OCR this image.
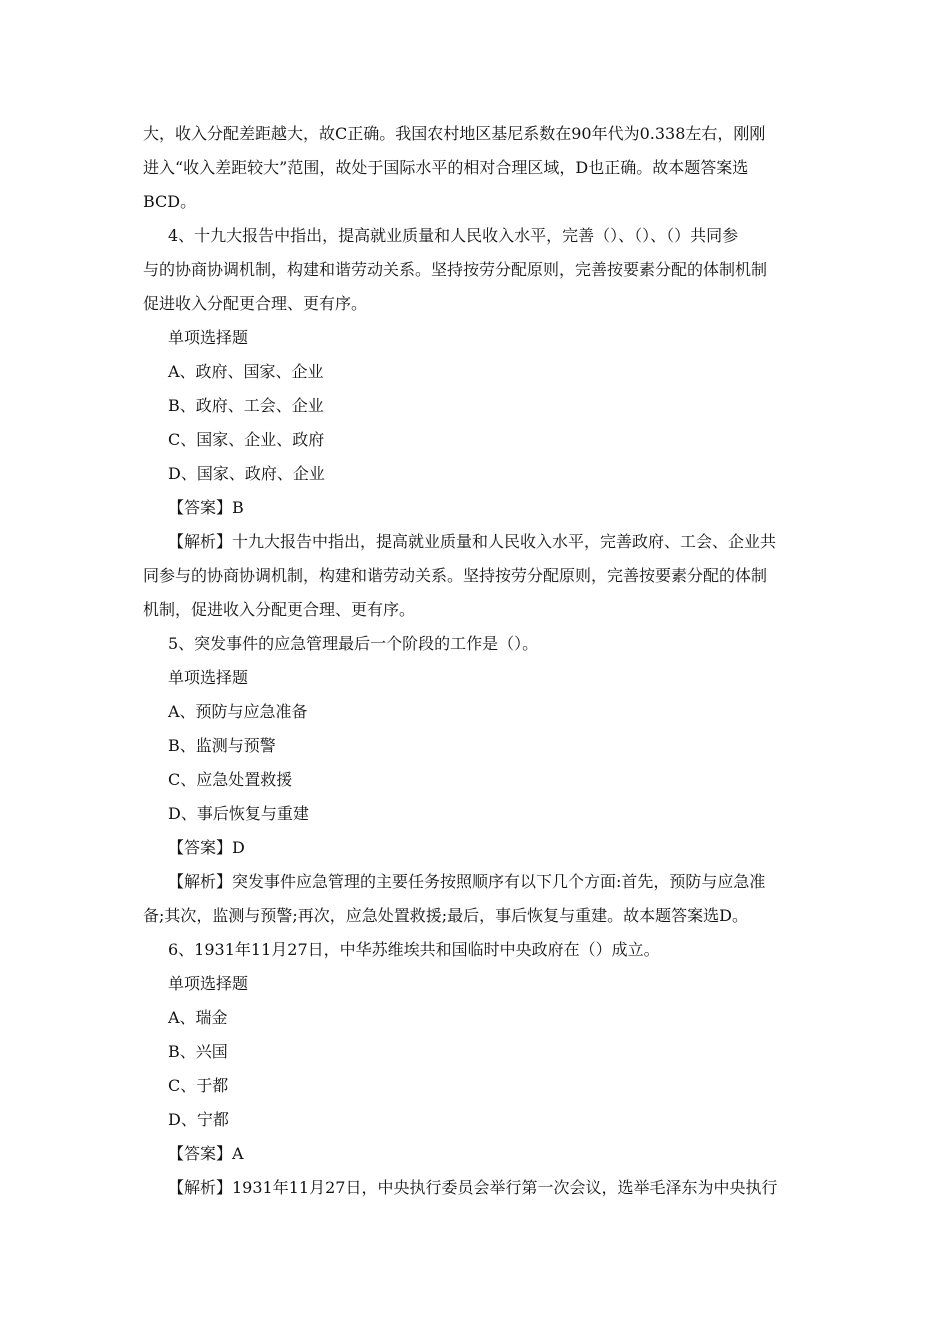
大，收入分配差距越大，故C正确。我国农村地区基尼系数在90年代为0.338左右，刚刚

进入“收入差距较大”范围，故处于国际水平的相对合理区域，D也正确。故本题答案选

BCD。

4、十九大报告中指出，提高就业质量和人民收入水平，完善（）、（）、（）共同参

与的协商协调机制，构建和谐劳动关系。坚持按劳分配原则，完善按要素分配的体制机制

促进收入分配更合理、更有序。

单项选择题

A、政府、国家、企业

B、政府、工会、企业

C、国家、企业、政府

D、国家、政府、企业

【答案】B

【解析】十九大报告中指出，提高就业质量和人民收入水平，完善政府、工会、企业共

同参与的协商协调机制，构建和谐劳动关系。坚持按劳分配原则，完善按要素分配的体制

机制，促进收入分配更合理、更有序。

5、突发事件的应急管理最后一个阶段的工作是（）。

单项选择题

A、预防与应急准备

B、监测与预警

C、应急处置救援

D、事后恢复与重建

【答案】D

【解析】突发事件应急管理的主要任务按照顺序有以下几个方面:首先，预防与应急准

备;其次，监测与预警;再次，应急处置救援;最后，事后恢复与重建。故本题答案选D。

6、1931年11月27日，中华苏维埃共和国临时中央政府在（）成立。

单项选择题

A、瑞金

B、兴国

C、于都

D、宁都

【答案】A

【解析】1931年11月27日，中央执行委员会举行第一次会议，选举毛泽东为中央执行
